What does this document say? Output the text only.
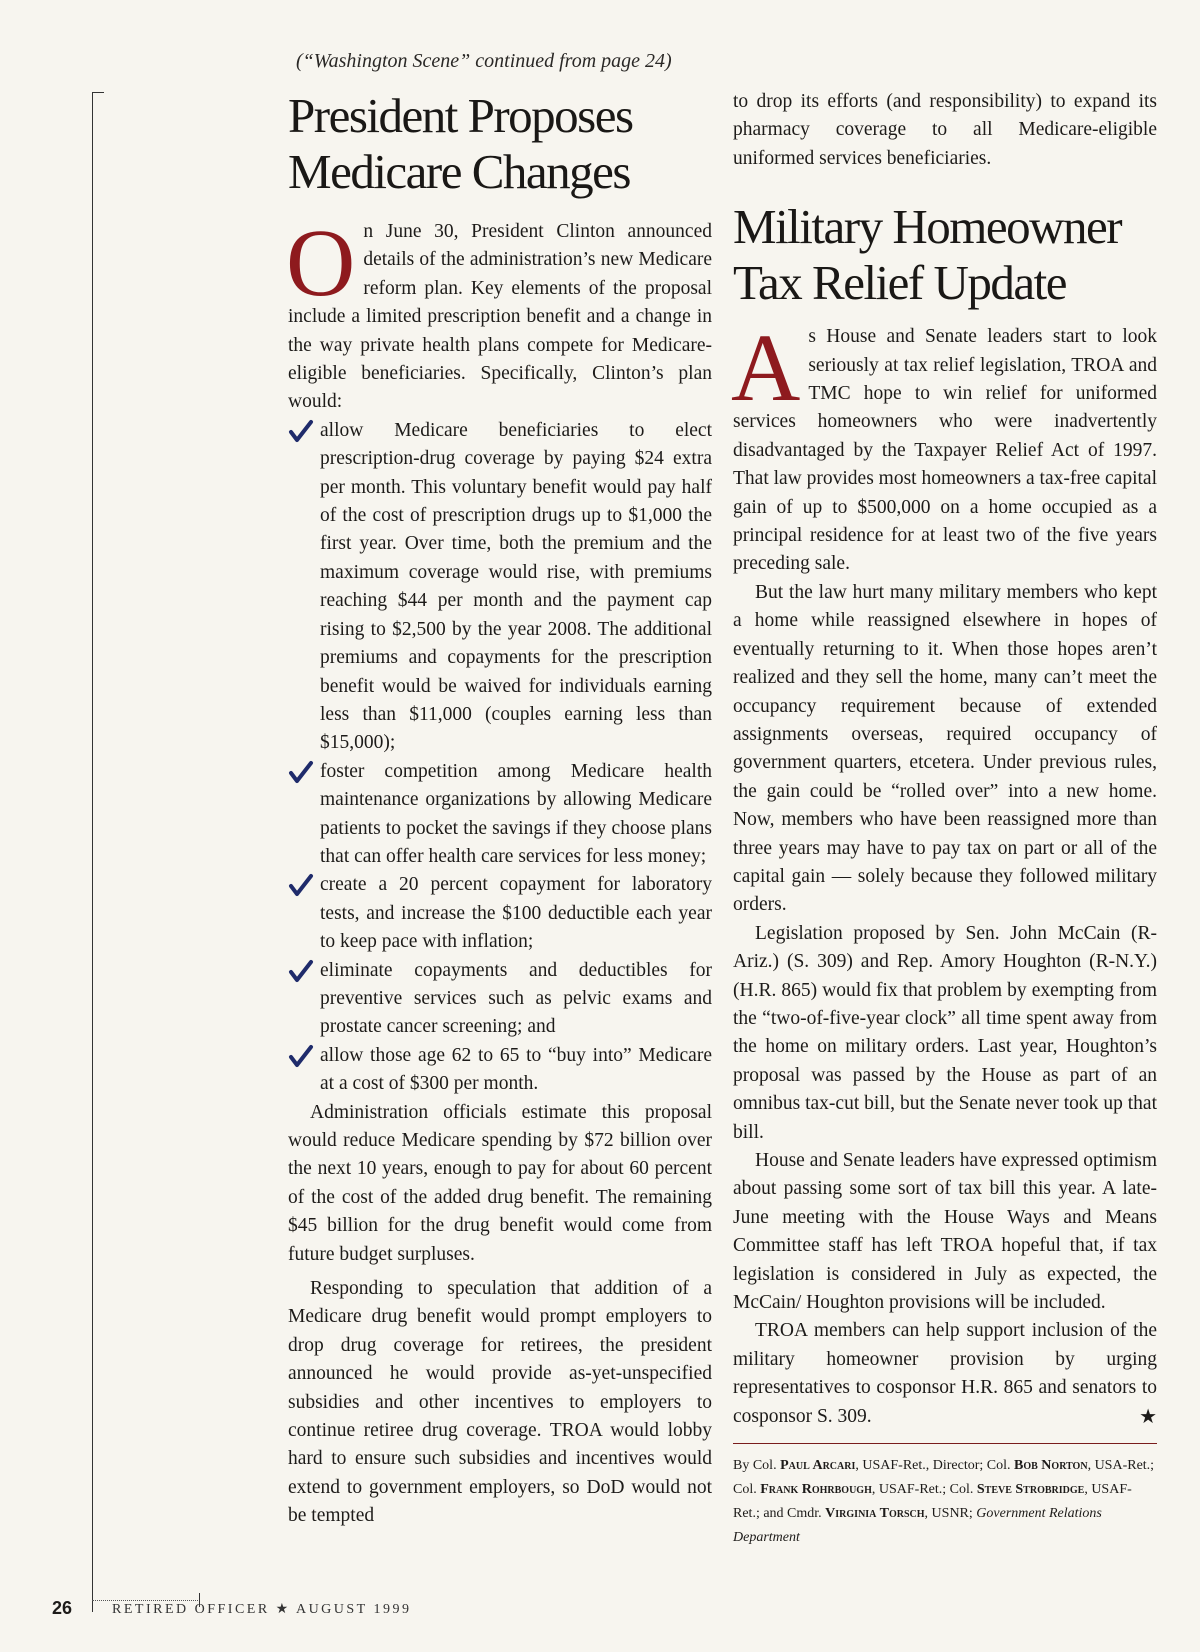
(“Washington Scene” continued from page 24)
President Proposes Medicare Changes
O n June 30, President Clinton announced details of the administration’s new Medicare reform plan. Key elements of the proposal include a limited prescription benefit and a change in the way private health plans compete for Medicare-eligible beneficiaries. Specifically, Clinton’s plan would:

allow Medicare beneficiaries to elect prescription-drug coverage by paying $24 extra per month. This voluntary benefit would pay half of the cost of prescription drugs up to $1,000 the first year. Over time, both the premium and the maximum coverage would rise, with premiums reaching $44 per month and the payment cap rising to $2,500 by the year 2008. The additional premiums and copayments for the prescription benefit would be waived for individuals earning less than $11,000 (couples earning less than $15,000);
foster competition among Medicare health maintenance organizations by allowing Medicare patients to pocket the savings if they choose plans that can offer health care services for less money;
create a 20 percent copayment for laboratory tests, and increase the $100 deductible each year to keep pace with inflation;
eliminate copayments and deductibles for preventive services such as pelvic exams and prostate cancer screening; and
allow those age 62 to 65 to “buy into” Medicare at a cost of $300 per month.

Administration officials estimate this proposal would reduce Medicare spending by $72 billion over the next 10 years, enough to pay for about 60 percent of the cost of the added drug benefit. The remaining $45 billion for the drug benefit would come from future budget surpluses.

Responding to speculation that addition of a Medicare drug benefit would prompt employers to drop drug coverage for retirees, the president announced he would provide as-yet-unspecified subsidies and other incentives to employers to continue retiree drug coverage. TROA would lobby hard to ensure such subsidies and incentives would extend to government employers, so DoD would not be tempted

to drop its efforts (and responsibility) to expand its pharmacy coverage to all Medicare-eligible uniformed services beneficiaries.

Military Homeowner Tax Relief Update
A s House and Senate leaders start to look seriously at tax relief legislation, TROA and TMC hope to win relief for uniformed services homeowners who were inadvertently disadvantaged by the Taxpayer Relief Act of 1997. That law provides most homeowners a tax-free capital gain of up to $500,000 on a home occupied as a principal residence for at least two of the five years preceding sale.

But the law hurt many military members who kept a home while reassigned elsewhere in hopes of eventually returning to it. When those hopes aren’t realized and they sell the home, many can’t meet the occupancy requirement because of extended assignments overseas, required occupancy of government quarters, etcetera. Under previous rules, the gain could be “rolled over” into a new home. Now, members who have been reassigned more than three years may have to pay tax on part or all of the capital gain — solely because they followed military orders.

Legislation proposed by Sen. John McCain (R-Ariz.) (S. 309) and Rep. Amory Houghton (R-N.Y.) (H.R. 865) would fix that problem by exempting from the “two-of-five-year clock” all time spent away from the home on military orders. Last year, Houghton’s proposal was passed by the House as part of an omnibus tax-cut bill, but the Senate never took up that bill.

House and Senate leaders have expressed optimism about passing some sort of tax bill this year. A late-June meeting with the House Ways and Means Committee staff has left TROA hopeful that, if tax legislation is considered in July as expected, the McCain/ Houghton provisions will be included.

TROA members can help support inclusion of the military homeowner provision by urging representatives to cosponsor H.R. 865 and senators to cosponsor S. 309.	★

By Col. Paul Arcari, USAF-Ret., Director; Col. Bob Norton, USA-Ret.; Col. Frank Rohrbough, USAF-Ret.; Col. Steve Strobridge, USAF-Ret.; and Cmdr. Virginia Torsch, USNR; Government Relations Department
26	RETIRED OFFICER ★ AUGUST 1999
